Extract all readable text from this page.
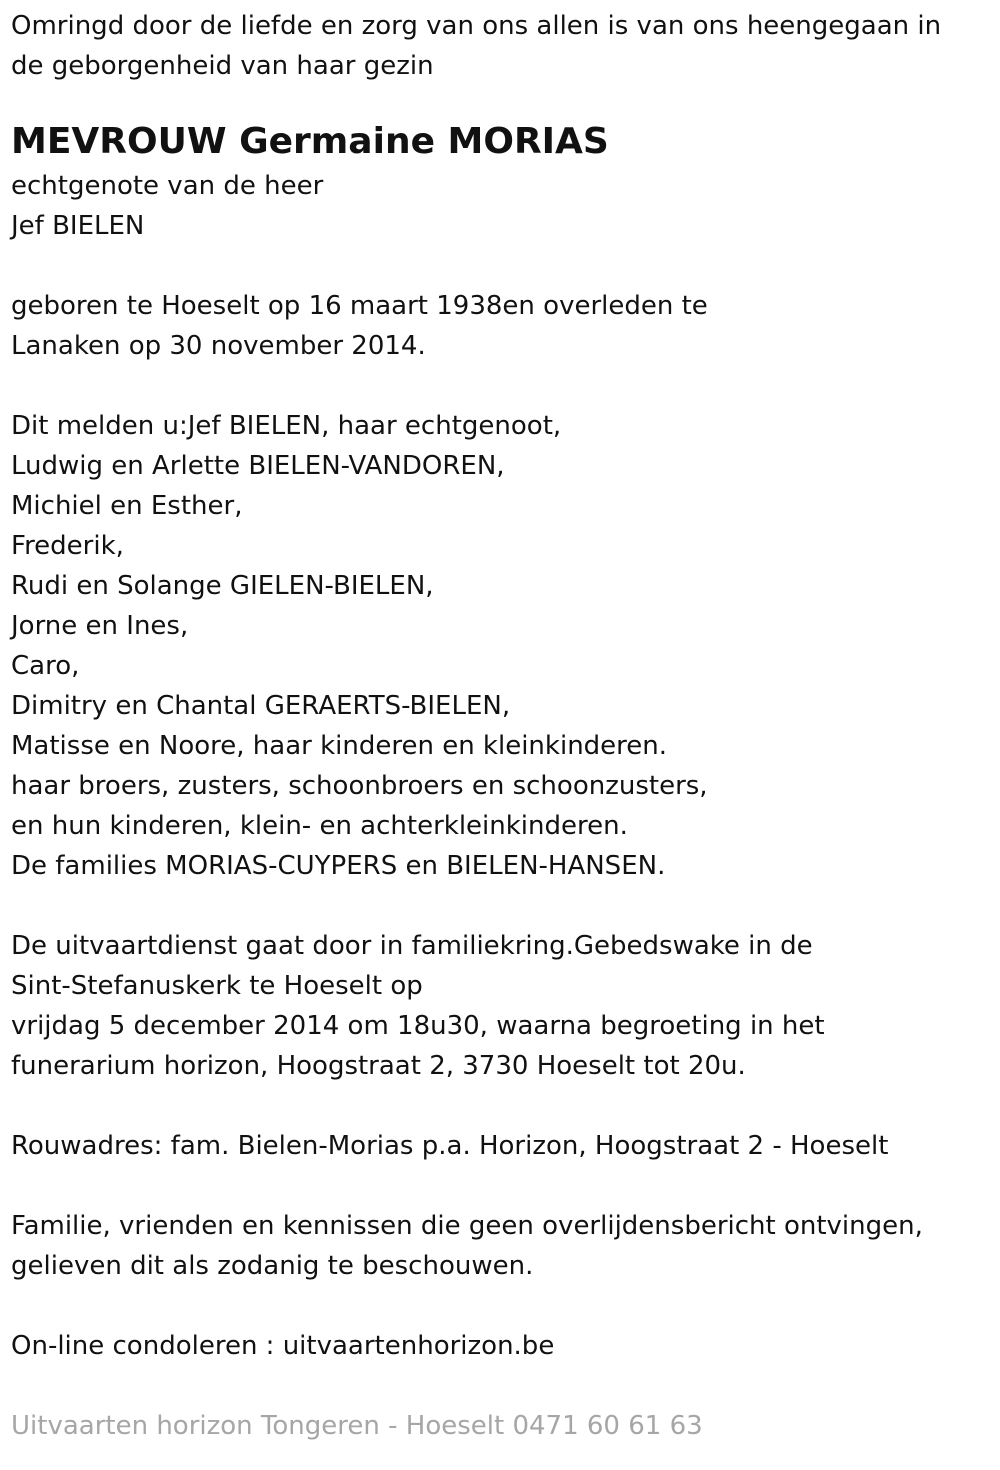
Omringd door de liefde en zorg van ons allen is van ons heengegaan in

de geborgenheid van haar gezin

MEVROUW Germaine MORIAS

echtgenote van de heer

Jef BIELEN

geboren te Hoeselt op 16 maart 1938en overleden te

Lanaken op 30 november 2014.

Dit melden u:Jef BIELEN, haar echtgenoot,

Ludwig en Arlette BIELEN-VANDOREN,

Michiel en Esther,

Frederik,

Rudi en Solange GIELEN-BIELEN,

Jorne en Ines,

Caro,

Dimitry en Chantal GERAERTS-BIELEN,

Matisse en Noore, haar kinderen en kleinkinderen.

haar broers, zusters, schoonbroers en schoonzusters,

en hun kinderen, klein- en achterkleinkinderen.

De families MORIAS-CUYPERS en BIELEN-HANSEN.

De uitvaartdienst gaat door in familiekring.Gebedswake in de

Sint-Stefanuskerk te Hoeselt op

vrijdag 5 december 2014 om 18u30, waarna begroeting in het

funerarium horizon, Hoogstraat 2, 3730 Hoeselt tot 20u.

Rouwadres: fam. Bielen-Morias p.a. Horizon, Hoogstraat 2 - Hoeselt

Familie, vrienden en kennissen die geen overlijdensbericht ontvingen,

gelieven dit als zodanig te beschouwen.

On-line condoleren : uitvaartenhorizon.be

Uitvaarten horizon Tongeren - Hoeselt 0471 60 61 63
